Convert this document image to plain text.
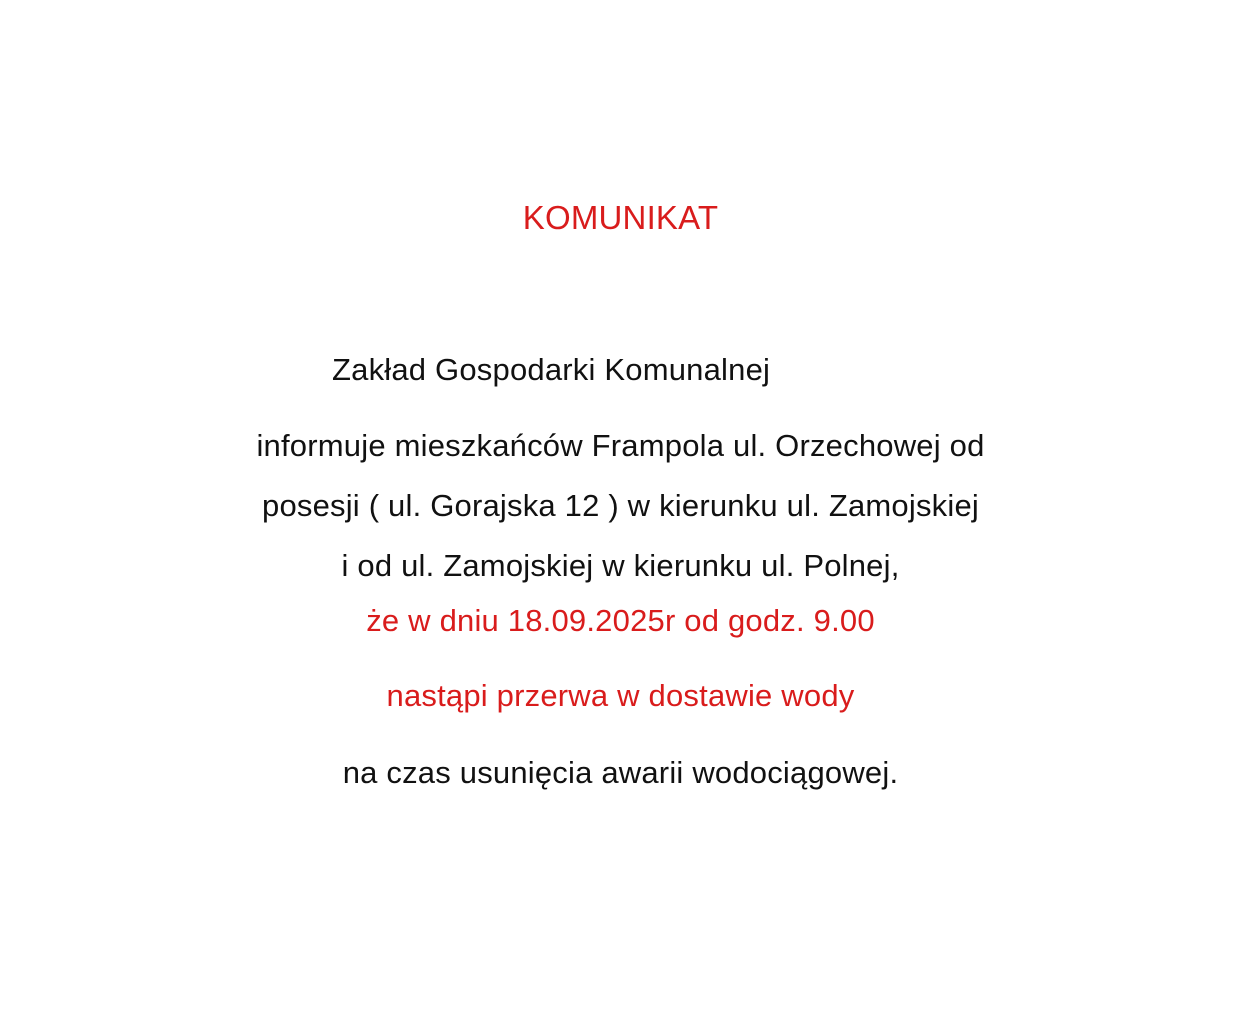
KOMUNIKAT
Zakład Gospodarki Komunalnej
informuje mieszkańców Frampola ul. Orzechowej od
posesji ( ul. Gorajska 12 ) w kierunku ul. Zamojskiej
i od ul. Zamojskiej w kierunku ul. Polnej,
że w dniu 18.09.2025r od godz. 9.00
nastąpi przerwa w dostawie wody
na czas usunięcia awarii wodociągowej.
